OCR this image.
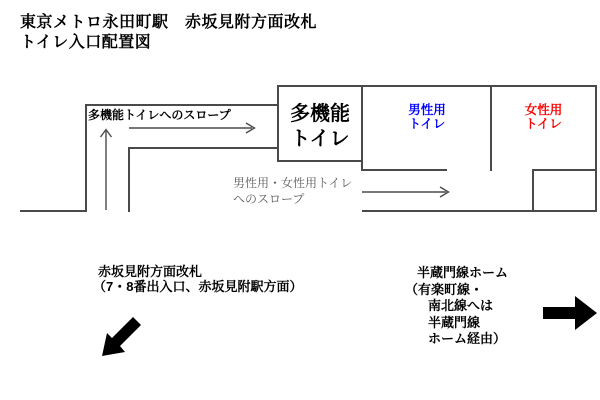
東京メトロ永田町駅　赤坂見附方面改札
トイレ入口配置図
多機能トイレへのスロープ
男性用・女性用トイレ
へのスロープ
多機能
トイレ
男性用
トイレ
女性用
トイレ
赤坂見附方面改札
（7・8番出入口、赤坂見附駅方面）
半蔵門線ホーム
（有楽町線・
南北線へは
半蔵門線
ホーム経由）
